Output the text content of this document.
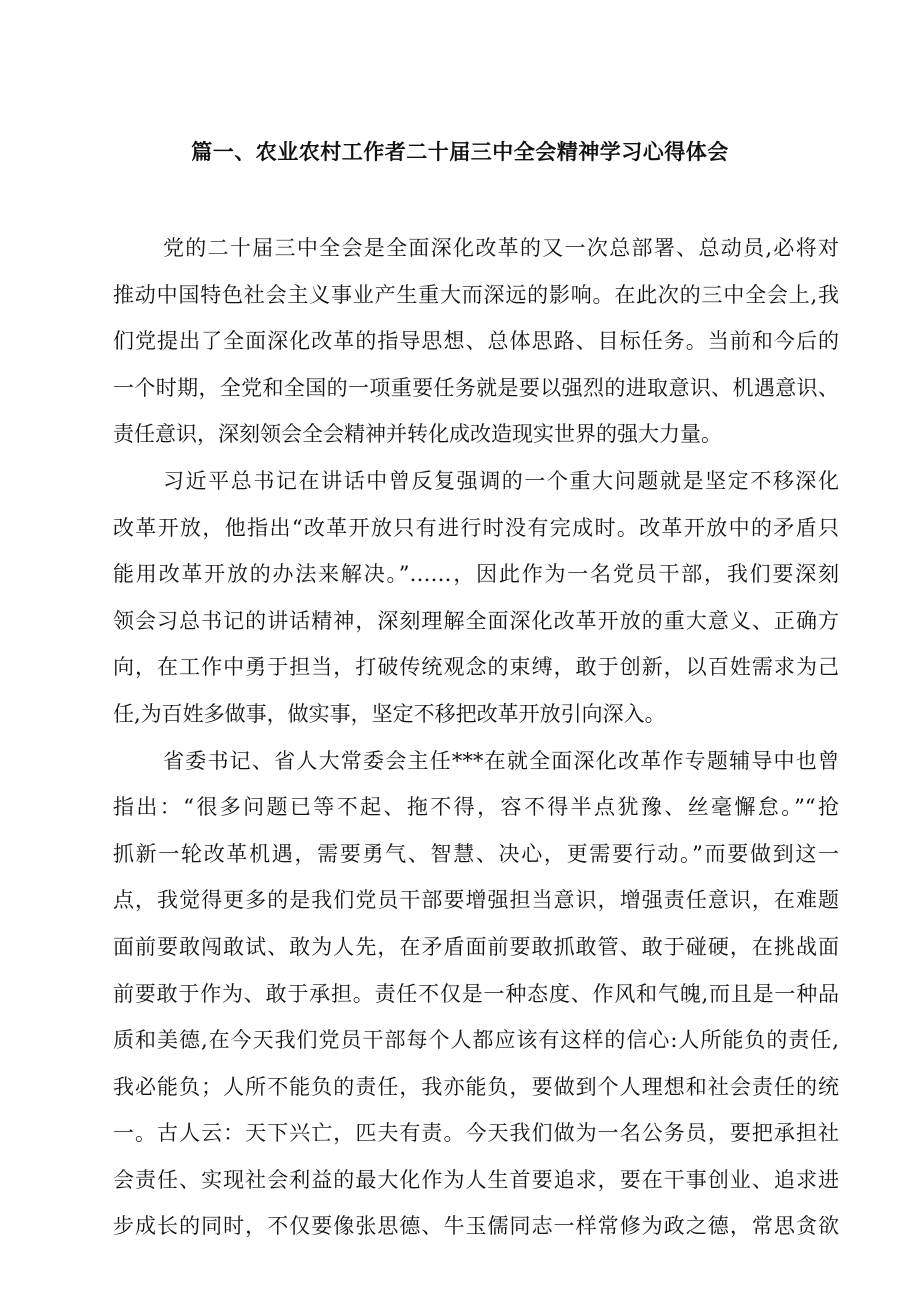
篇一、农业农村工作者二十届三中全会精神学习心得体会
党的二十届三中全会是全面深化改革的又一次总部署、总动员,必将对
推动中国特色社会主义事业产生重大而深远的影响。在此次的三中全会上,我
们党提出了全面深化改革的指导思想、总体思路、目标任务。当前和今后的
一个时期，全党和全国的一项重要任务就是要以强烈的进取意识、机遇意识、
责任意识，深刻领会全会精神并转化成改造现实世界的强大力量。
习近平总书记在讲话中曾反复强调的一个重大问题就是坚定不移深化
改革开放，他指出“改革开放只有进行时没有完成时。改革开放中的矛盾只
能用改革开放的办法来解决。”……，因此作为一名党员干部，我们要深刻
领会习总书记的讲话精神，深刻理解全面深化改革开放的重大意义、正确方
向，在工作中勇于担当，打破传统观念的束缚，敢于创新，以百姓需求为己
任,为百姓多做事，做实事，坚定不移把改革开放引向深入。
省委书记、省人大常委会主任***在就全面深化改革作专题辅导中也曾
指出：“很多问题已等不起、拖不得，容不得半点犹豫、丝毫懈怠。”“抢
抓新一轮改革机遇，需要勇气、智慧、决心，更需要行动。”而要做到这一
点，我觉得更多的是我们党员干部要增强担当意识，增强责任意识，在难题
面前要敢闯敢试、敢为人先，在矛盾面前要敢抓敢管、敢于碰硬，在挑战面
前要敢于作为、敢于承担。责任不仅是一种态度、作风和气魄,而且是一种品
质和美德,在今天我们党员干部每个人都应该有这样的信心:人所能负的责任,
我必能负；人所不能负的责任，我亦能负，要做到个人理想和社会责任的统
一。古人云：天下兴亡，匹夫有责。今天我们做为一名公务员，要把承担社
会责任、实现社会利益的最大化作为人生首要追求，要在干事创业、追求进
步成长的同时，不仅要像张思德、牛玉儒同志一样常修为政之德，常思贪欲
